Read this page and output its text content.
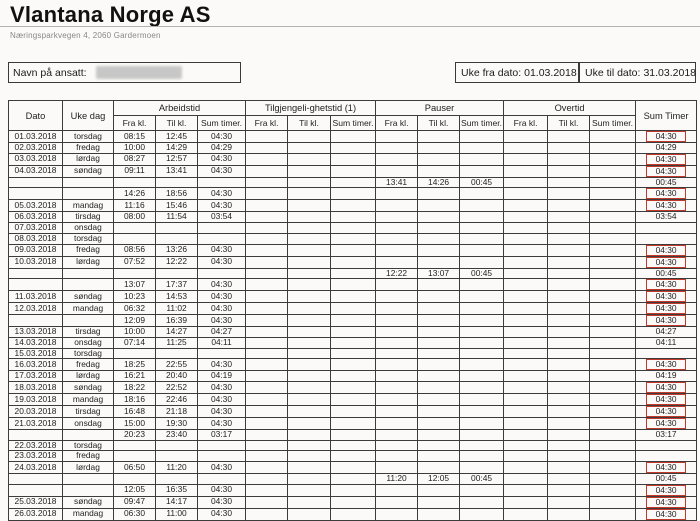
Vlantana Norge AS
Næringsparkvegen 4, 2060 Gardermoen
Navn på ansatt:	Uke fra dato: 01.03.2018 Uke til dato: 31.03.2018
Dato	Uke dag	Arbeidstid			Tilgjengeli-ghetstid (1)			Pauser			Overtid			Sum Timer
		Fra kl.	Til kl.	Sum timer.	Fra kl.	Til kl.	Sum timer.	Fra kl.	Til kl.	Sum timer.	Fra kl.	Til kl.	Sum timer.	
01.03.2018	torsdag	08:15	12:45	04:30										04:30

02.03.2018	fredag	10:00	14:29	04:29										04:29
03.03.2018	lørdag	08:27	12:57	04:30										04:30

04.03.2018	søndag	09:11	13:41	04:30										04:30

								13:41	14:26	00:45				00:45
		14:26	18:56	04:30										04:30

05.03.2018	mandag	11:16	15:46	04:30										04:30

06.03.2018	tirsdag	08:00	11:54	03:54										03:54
07.03.2018	onsdag													
08.03.2018	torsdag													
09.03.2018	fredag	08:56	13:26	04:30										04:30

10.03.2018	lørdag	07:52	12:22	04:30										04:30

								12:22	13:07	00:45				00:45
		13:07	17:37	04:30										04:30

11.03.2018	søndag	10:23	14:53	04:30										04:30

12.03.2018	mandag	06:32	11:02	04:30										04:30

		12:09	16:39	04:30										04:30

13.03.2018	tirsdag	10:00	14:27	04:27										04:27
14.03.2018	onsdag	07:14	11:25	04:11										04:11
15.03.2018	torsdag													
16.03.2018	fredag	18:25	22:55	04:30										04:30

17.03.2018	lørdag	16:21	20:40	04:19										04:19
18.03.2018	søndag	18:22	22:52	04:30										04:30

19.03.2018	mandag	18:16	22:46	04:30										04:30

20.03.2018	tirsdag	16:48	21:18	04:30										04:30

21.03.2018	onsdag	15:00	19:30	04:30										04:30

		20:23	23:40	03:17										03:17
22.03.2018	torsdag													
23.03.2018	fredag													
24.03.2018	lørdag	06:50	11:20	04:30										04:30

								11:20	12:05	00:45				00:45
		12:05	16:35	04:30										04:30

25.03.2018	søndag	09:47	14:17	04:30										04:30

26.03.2018	mandag	06:30	11:00	04:30										04:30
